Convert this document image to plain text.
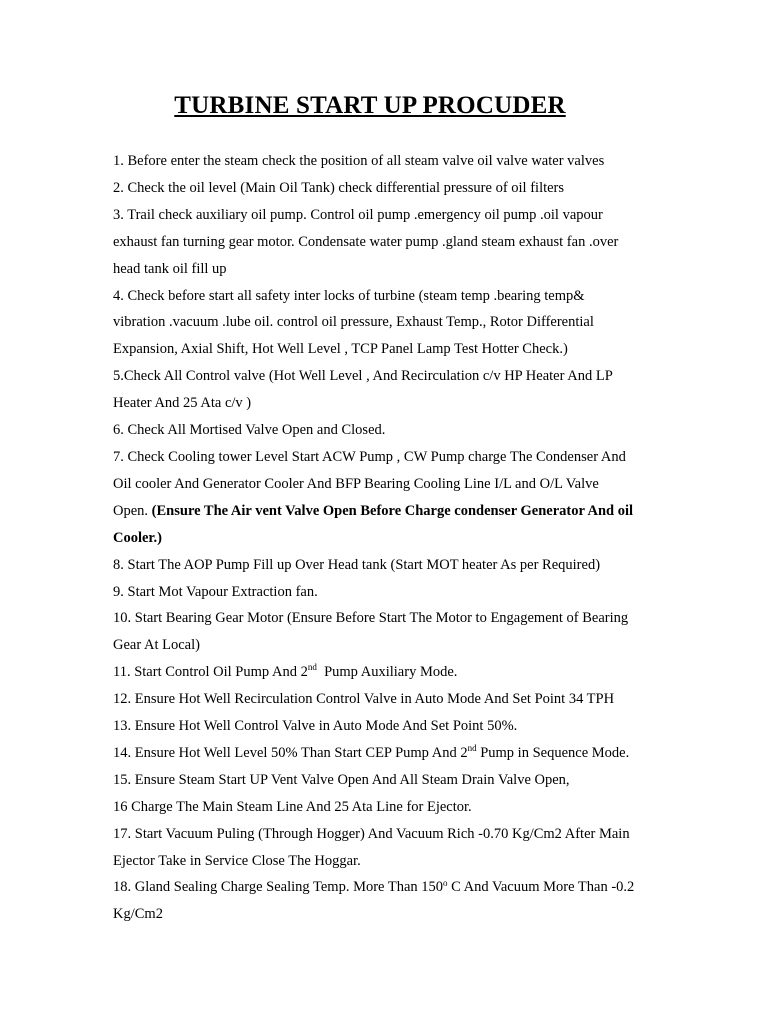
TURBINE START UP PROCUDER

1. Before enter the steam check the position of all steam valve oil valve water valves

2. Check the oil level (Main Oil Tank) check differential pressure of oil filters

3. Trail check auxiliary oil pump. Control oil pump .emergency oil pump .oil vapour
exhaust fan turning gear motor. Condensate water pump .gland steam exhaust fan .over
head tank oil fill up

4. Check before start all safety inter locks of turbine (steam temp .bearing temp&
vibration .vacuum .lube oil. control oil pressure, Exhaust Temp., Rotor Differential
Expansion, Axial Shift, Hot Well Level , TCP Panel Lamp Test Hotter Check.)

5.Check All Control valve (Hot Well Level , And Recirculation c/v HP Heater And LP
Heater And 25 Ata c/v )

6. Check All Mortised Valve Open and Closed.

7. Check Cooling tower Level Start ACW Pump , CW Pump charge The Condenser And
Oil cooler And Generator Cooler And BFP Bearing Cooling Line I/L and O/L Valve
Open. (Ensure The Air vent Valve Open Before Charge condenser Generator And oil
Cooler.)

8. Start The AOP Pump Fill up Over Head tank (Start MOT heater As per Required)

9. Start Mot Vapour Extraction fan.

10. Start Bearing Gear Motor (Ensure Before Start The Motor to Engagement of Bearing
Gear At Local)

11. Start Control Oil Pump And 2nd  Pump Auxiliary Mode.

12. Ensure Hot Well Recirculation Control Valve in Auto Mode And Set Point 34 TPH

13. Ensure Hot Well Control Valve in Auto Mode And Set Point 50%.

14. Ensure Hot Well Level 50% Than Start CEP Pump And 2nd Pump in Sequence Mode.

15. Ensure Steam Start UP Vent Valve Open And All Steam Drain Valve Open,

16 Charge The Main Steam Line And 25 Ata Line for Ejector.

17. Start Vacuum Puling (Through Hogger) And Vacuum Rich -0.70 Kg/Cm2 After Main
Ejector Take in Service Close The Hoggar.

18. Gland Sealing Charge Sealing Temp. More Than 150$^o$ C And Vacuum More Than -0.2
Kg/Cm2
